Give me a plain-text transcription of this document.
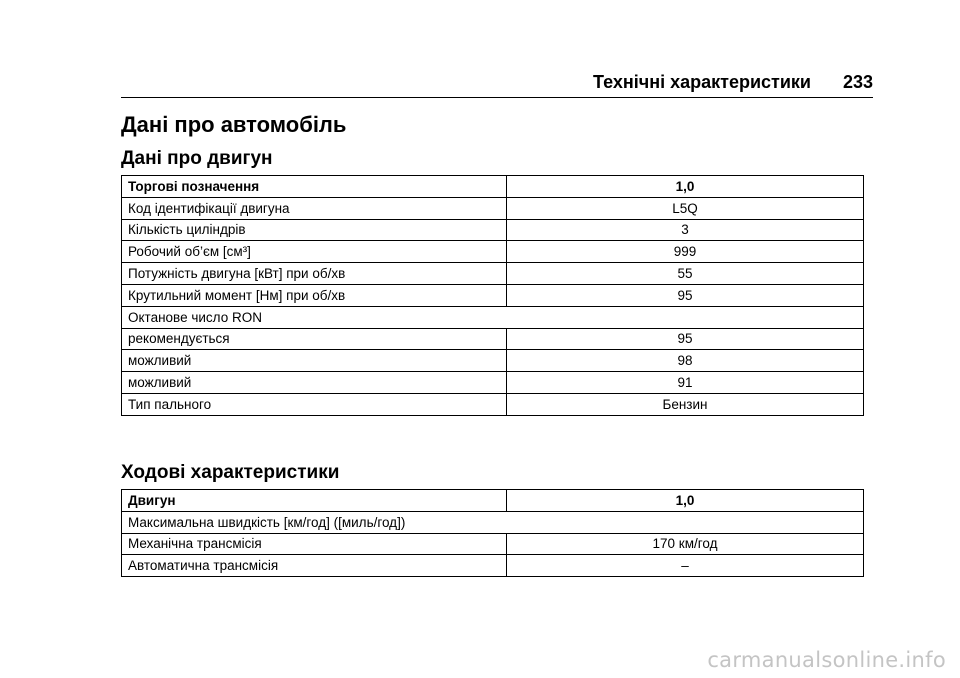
Технічні характеристики 233
Дані про автомобіль
Дані про двигун
Торгові позначення	1,0
Код ідентифікації двигуна	L5Q
Кількість циліндрів	3
Робочий об’єм [см³]	999
Потужність двигуна [кВт] при об/хв	55
Крутильний момент [Нм] при об/хв	95
Октанове число RON	
рекомендується	95
можливий	98
можливий	91
Тип пального	Бензин
Ходові характеристики
Двигун	1,0
Максимальна швидкість [км/год] ([миль/год])	
Механічна трансмісія	170 км/год
Автоматична трансмісія	–
carmanualsonline.info
